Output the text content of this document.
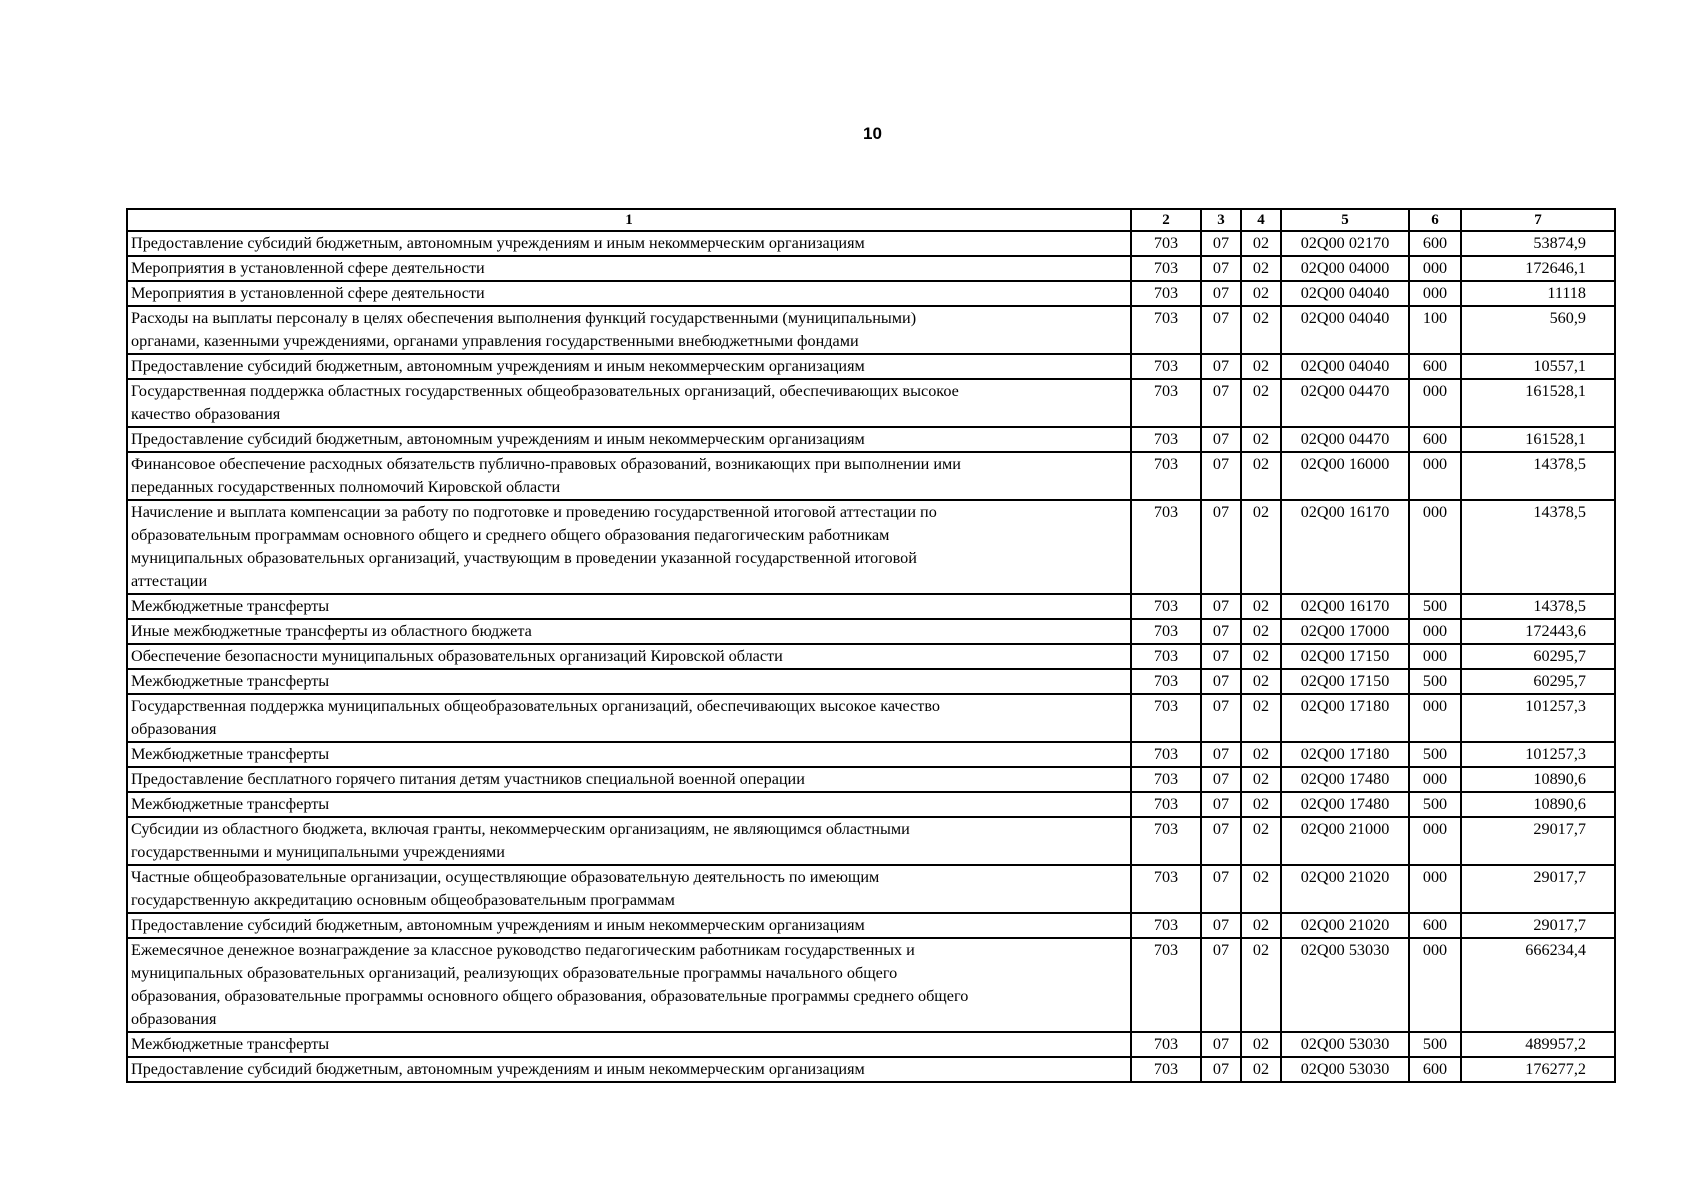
10
1	2	3	4	5	6	7

Предоставление субсидий бюджетным, автономным учреждениям и иным некоммерческим организациям	703	07	02	02Q00 02170	600	53874,9

Мероприятия в установленной сфере деятельности	703	07	02	02Q00 04000	000	172646,1

Мероприятия в установленной сфере деятельности	703	07	02	02Q00 04040	000	11118

Расходы на выплаты персоналу в целях обеспечения выполнения функций государственными (муниципальными)
органами, казенными учреждениями, органами управления государственными внебюджетными фондами	703	07	02	02Q00 04040	100	560,9

Предоставление субсидий бюджетным, автономным учреждениям и иным некоммерческим организациям	703	07	02	02Q00 04040	600	10557,1

Государственная поддержка областных государственных общеобразовательных организаций, обеспечивающих высокое
качество образования	703	07	02	02Q00 04470	000	161528,1

Предоставление субсидий бюджетным, автономным учреждениям и иным некоммерческим организациям	703	07	02	02Q00 04470	600	161528,1

Финансовое обеспечение расходных обязательств публично-правовых образований, возникающих при выполнении ими
переданных государственных полномочий Кировской области	703	07	02	02Q00 16000	000	14378,5

Начисление и выплата компенсации за работу по подготовке и проведению государственной итоговой аттестации по
образовательным программам основного общего и среднего общего образования педагогическим работникам
муниципальных образовательных организаций, участвующим в проведении указанной государственной итоговой
аттестации	703	07	02	02Q00 16170	000	14378,5

Межбюджетные трансферты	703	07	02	02Q00 16170	500	14378,5

Иные межбюджетные трансферты из областного бюджета	703	07	02	02Q00 17000	000	172443,6

Обеспечение безопасности муниципальных образовательных организаций Кировской области	703	07	02	02Q00 17150	000	60295,7

Межбюджетные трансферты	703	07	02	02Q00 17150	500	60295,7

Государственная поддержка муниципальных общеобразовательных организаций, обеспечивающих высокое качество
образования	703	07	02	02Q00 17180	000	101257,3

Межбюджетные трансферты	703	07	02	02Q00 17180	500	101257,3

Предоставление бесплатного горячего питания детям участников специальной военной операции	703	07	02	02Q00 17480	000	10890,6

Межбюджетные трансферты	703	07	02	02Q00 17480	500	10890,6

Субсидии из областного бюджета, включая гранты, некоммерческим организациям, не являющимся областными
государственными и муниципальными учреждениями	703	07	02	02Q00 21000	000	29017,7

Частные общеобразовательные организации, осуществляющие образовательную деятельность по имеющим
государственную аккредитацию основным общеобразовательным программам	703	07	02	02Q00 21020	000	29017,7

Предоставление субсидий бюджетным, автономным учреждениям и иным некоммерческим организациям	703	07	02	02Q00 21020	600	29017,7

Ежемесячное денежное вознаграждение за классное руководство педагогическим работникам государственных и
муниципальных образовательных организаций, реализующих образовательные программы начального общего
образования, образовательные программы основного общего образования, образовательные программы среднего общего
образования	703	07	02	02Q00 53030	000	666234,4

Межбюджетные трансферты	703	07	02	02Q00 53030	500	489957,2

Предоставление субсидий бюджетным, автономным учреждениям и иным некоммерческим организациям	703	07	02	02Q00 53030	600	176277,2
